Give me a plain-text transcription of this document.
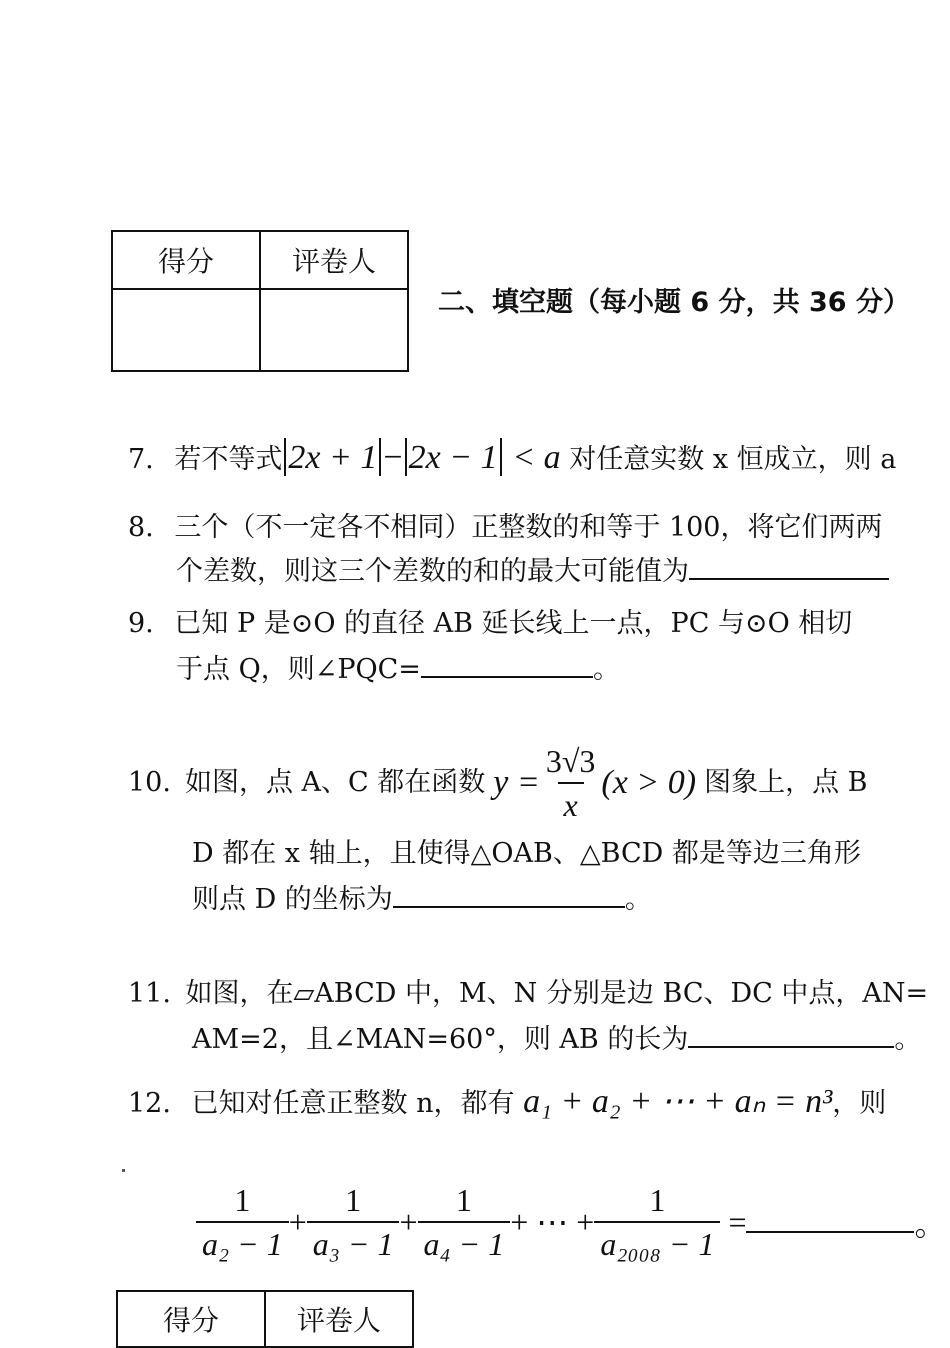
得分	评卷人

二、填空题（每小题 6 分，共 36 分）
7. 若不等式 2x + 1 − 2x − 1 < a 对任意实数 x 恒成立，则 a
8. 三个（不一定各不相同）正整数的和等于 100，将它们两两
个差数，则这三个差数的和的最大可能值为
9. 已知 P 是⊙O 的直径 AB 延长线上一点，PC 与⊙O 相切
于点 Q，则∠PQC=	。
10. 如图，点 A、C 都在函数 $y = \frac{3√3}{x} (x > 0)$ 图象上，点 B
D 都在 x 轴上，且使得△OAB、△BCD 都是等边三角形
则点 D 的坐标为	。
11. 如图，在▱ABCD 中，M、N 分别是边 BC、DC 中点，AN=
AM=2，且∠MAN=60°，则 AB 的长为	。
12. 已知对任意正整数 n，都有 a₁ + a₂ + ⋯ + aₙ = n³，则
$\frac{1}{\text{a₂ − 1}} + \frac{1}{\text{a₃ − 1}} + \frac{1}{\text{a₄ − 1}}$ + ⋯ + $\frac{1}{\text{a₂₀₀₈ − 1}}$ =	。
得分	评卷人
